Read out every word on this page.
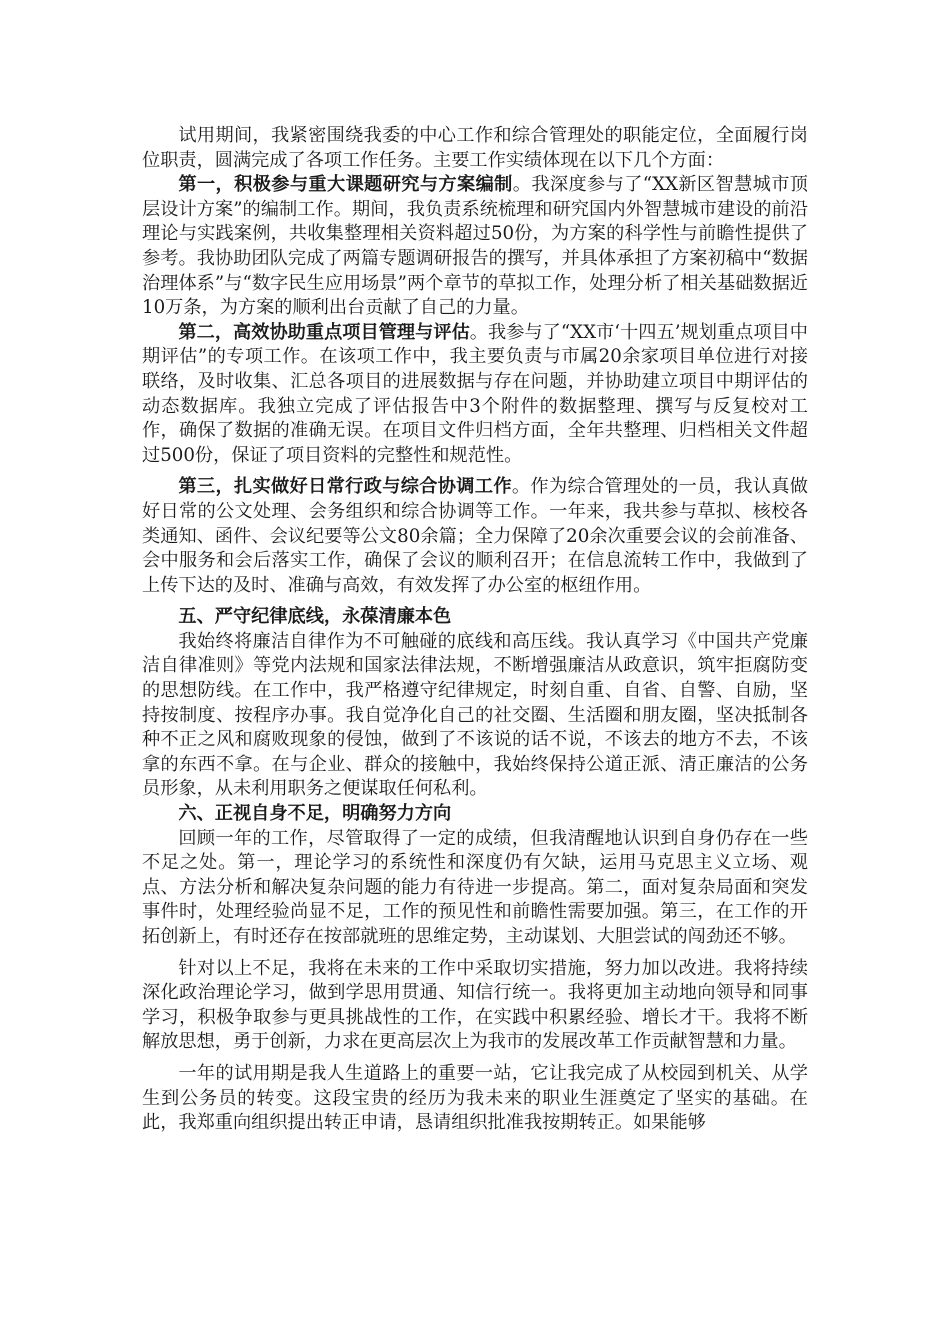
试用期间，我紧密围绕我委的中心工作和综合管理处的职能定位，全面履行岗位职责，圆满完成了各项工作任务。主要工作实绩体现在以下几个方面：

第一，积极参与重大课题研究与方案编制。我深度参与了“XX新区智慧城市顶层设计方案”的编制工作。期间，我负责系统梳理和研究国内外智慧城市建设的前沿理论与实践案例，共收集整理相关资料超过50份，为方案的科学性与前瞻性提供了参考。我协助团队完成了两篇专题调研报告的撰写，并具体承担了方案初稿中“数据治理体系”与“数字民生应用场景”两个章节的草拟工作，处理分析了相关基础数据近10万条，为方案的顺利出台贡献了自己的力量。

第二，高效协助重点项目管理与评估。我参与了“XX市‘十四五’规划重点项目中期评估”的专项工作。在该项工作中，我主要负责与市属20余家项目单位进行对接联络，及时收集、汇总各项目的进展数据与存在问题，并协助建立项目中期评估的动态数据库。我独立完成了评估报告中3个附件的数据整理、撰写与反复校对工作，确保了数据的准确无误。在项目文件归档方面，全年共整理、归档相关文件超过500份，保证了项目资料的完整性和规范性。

第三，扎实做好日常行政与综合协调工作。作为综合管理处的一员，我认真做好日常的公文处理、会务组织和综合协调等工作。一年来，我共参与草拟、核校各类通知、函件、会议纪要等公文80余篇；全力保障了20余次重要会议的会前准备、会中服务和会后落实工作，确保了会议的顺利召开；在信息流转工作中，我做到了上传下达的及时、准确与高效，有效发挥了办公室的枢纽作用。

五、严守纪律底线，永葆清廉本色

我始终将廉洁自律作为不可触碰的底线和高压线。我认真学习《中国共产党廉洁自律准则》等党内法规和国家法律法规，不断增强廉洁从政意识，筑牢拒腐防变的思想防线。在工作中，我严格遵守纪律规定，时刻自重、自省、自警、自励，坚持按制度、按程序办事。我自觉净化自己的社交圈、生活圈和朋友圈，坚决抵制各种不正之风和腐败现象的侵蚀，做到了不该说的话不说，不该去的地方不去，不该拿的东西不拿。在与企业、群众的接触中，我始终保持公道正派、清正廉洁的公务员形象，从未利用职务之便谋取任何私利。

六、正视自身不足，明确努力方向

回顾一年的工作，尽管取得了一定的成绩，但我清醒地认识到自身仍存在一些不足之处。第一，理论学习的系统性和深度仍有欠缺，运用马克思主义立场、观点、方法分析和解决复杂问题的能力有待进一步提高。第二，面对复杂局面和突发事件时，处理经验尚显不足，工作的预见性和前瞻性需要加强。第三，在工作的开拓创新上，有时还存在按部就班的思维定势，主动谋划、大胆尝试的闯劲还不够。

针对以上不足，我将在未来的工作中采取切实措施，努力加以改进。我将持续深化政治理论学习，做到学思用贯通、知信行统一。我将更加主动地向领导和同事学习，积极争取参与更具挑战性的工作，在实践中积累经验、增长才干。我将不断解放思想，勇于创新，力求在更高层次上为我市的发展改革工作贡献智慧和力量。

一年的试用期是我人生道路上的重要一站，它让我完成了从校园到机关、从学生到公务员的转变。这段宝贵的经历为我未来的职业生涯奠定了坚实的基础。在此，我郑重向组织提出转正申请，恳请组织批准我按期转正。如果能够
